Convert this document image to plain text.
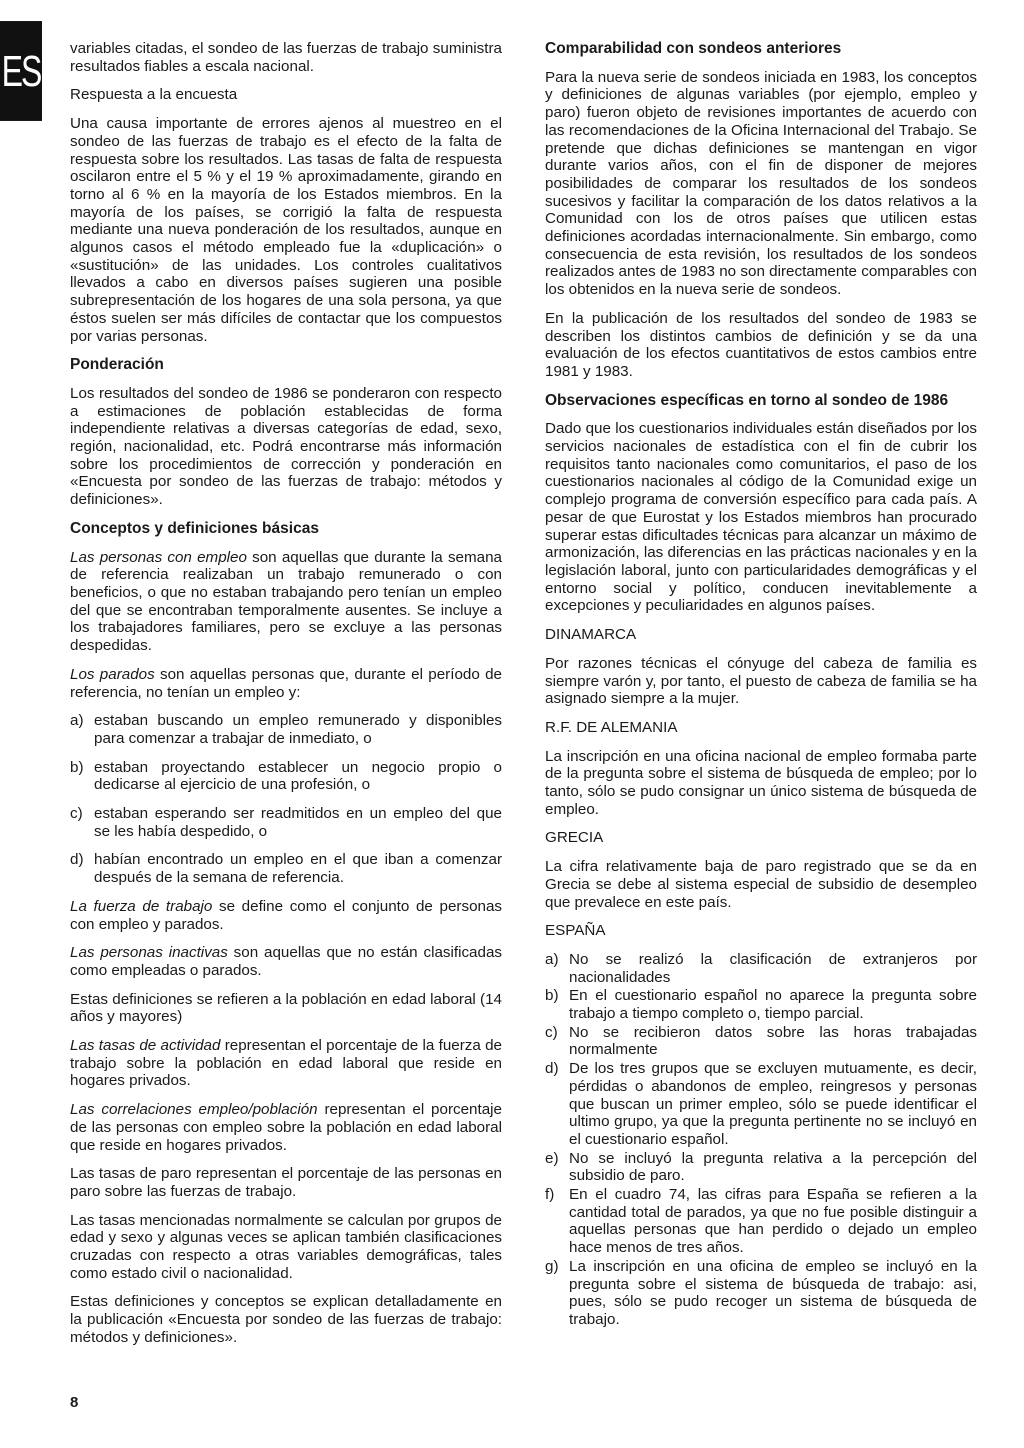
ES variables citadas, el sondeo de las fuerzas de trabajo suministra resultados fiables a escala nacional.

Respuesta a la encuesta

Una causa importante de errores ajenos al muestreo en el sondeo de las fuerzas de trabajo es el efecto de la falta de respuesta sobre los resultados. Las tasas de falta de respuesta oscilaron entre el 5 % y el 19 % aproximadamente, girando en torno al 6 % en la mayoría de los Estados miembros. En la mayoría de los países, se corrigió la falta de respuesta mediante una nueva ponderación de los resultados, aunque en algunos casos el método empleado fue la «duplicación» o «sustitución» de las unidades. Los controles cualitativos llevados a cabo en diversos países sugieren una posible subrepresentación de los hogares de una sola persona, ya que éstos suelen ser más difíciles de contactar que los compuestos por varias personas.

Ponderación

Los resultados del sondeo de 1986 se ponderaron con respecto a estimaciones de población establecidas de forma independiente relativas a diversas categorías de edad, sexo, región, nacionalidad, etc. Podrá encontrarse más información sobre los procedimientos de corrección y ponderación en «Encuesta por sondeo de las fuerzas de trabajo: métodos y definiciones».

Conceptos y definiciones básicas

Las personas con empleo son aquellas que durante la semana de referencia realizaban un trabajo remunerado o con beneficios, o que no estaban trabajando pero tenían un empleo del que se encontraban temporalmente ausentes. Se incluye a los trabajadores familiares, pero se excluye a las personas despedidas.

Los parados son aquellas personas que, durante el período de referencia, no tenían un empleo y:

a) estaban buscando un empleo remunerado y disponibles para comenzar a trabajar de inmediato, o
b) estaban proyectando establecer un negocio propio o dedicarse al ejercicio de una profesión, o
c) estaban esperando ser readmitidos en un empleo del que se les había despedido, o
d) habían encontrado un empleo en el que iban a comenzar después de la semana de referencia.

La fuerza de trabajo se define como el conjunto de personas con empleo y parados.

Las personas inactivas son aquellas que no están clasificadas como empleadas o parados.

Estas definiciones se refieren a la población en edad laboral (14 años y mayores)

Las tasas de actividad representan el porcentaje de la fuerza de trabajo sobre la población en edad laboral que reside en hogares privados.

Las correlaciones empleo/población representan el porcentaje de las personas con empleo sobre la población en edad laboral que reside en hogares privados.

Las tasas de paro representan el porcentaje de las personas en paro sobre las fuerzas de trabajo.

Las tasas mencionadas normalmente se calculan por grupos de edad y sexo y algunas veces se aplican también clasificaciones cruzadas con respecto a otras variables demográficas, tales como estado civil o nacionalidad.

Estas definiciones y conceptos se explican detalladamente en la publicación «Encuesta por sondeo de las fuerzas de trabajo: métodos y definiciones».

Comparabilidad con sondeos anteriores

Para la nueva serie de sondeos iniciada en 1983, los conceptos y definiciones de algunas variables (por ejemplo, empleo y paro) fueron objeto de revisiones importantes de acuerdo con las recomendaciones de la Oficina Internacional del Trabajo. Se pretende que dichas definiciones se mantengan en vigor durante varios años, con el fin de disponer de mejores posibilidades de comparar los resultados de los sondeos sucesivos y facilitar la comparación de los datos relativos a la Comunidad con los de otros países que utilicen estas definiciones acordadas internacionalmente. Sin embargo, como consecuencia de esta revisión, los resultados de los sondeos realizados antes de 1983 no son directamente comparables con los obtenidos en la nueva serie de sondeos.

En la publicación de los resultados del sondeo de 1983 se describen los distintos cambios de definición y se da una evaluación de los efectos cuantitativos de estos cambios entre 1981 y 1983.

Observaciones específicas en torno al sondeo de 1986

Dado que los cuestionarios individuales están diseñados por los servicios nacionales de estadística con el fin de cubrir los requisitos tanto nacionales como comunitarios, el paso de los cuestionarios nacionales al código de la Comunidad exige un complejo programa de conversión específico para cada país. A pesar de que Eurostat y los Estados miembros han procurado superar estas dificultades técnicas para alcanzar un máximo de armonización, las diferencias en las prácticas nacionales y en la legislación laboral, junto con particularidades demográficas y el entorno social y político, conducen inevitablemente a excepciones y peculiaridades en algunos países.

DINAMARCA

Por razones técnicas el cónyuge del cabeza de familia es siempre varón y, por tanto, el puesto de cabeza de familia se ha asignado siempre a la mujer.

R.F. DE ALEMANIA

La inscripción en una oficina nacional de empleo formaba parte de la pregunta sobre el sistema de búsqueda de empleo; por lo tanto, sólo se pudo consignar un único sistema de búsqueda de empleo.

GRECIA

La cifra relativamente baja de paro registrado que se da en Grecia se debe al sistema especial de subsidio de desempleo que prevalece en este país.

ESPAÑA
a) No se realizó la clasificación de extranjeros por nacionalidades
b) En el cuestionario español no aparece la pregunta sobre trabajo a tiempo completo o, tiempo parcial.
c) No se recibieron datos sobre las horas trabajadas normalmente
d) De los tres grupos que se excluyen mutuamente, es decir, pérdidas o abandonos de empleo, reingresos y personas que buscan un primer empleo, sólo se puede identificar el ultimo grupo, ya que la pregunta pertinente no se incluyó en el cuestionario español.
e) No se incluyó la pregunta relativa a la percepción del subsidio de paro.
f) En el cuadro 74, las cifras para España se refieren a la cantidad total de parados, ya que no fue posible distinguir a aquellas personas que han perdido o dejado un empleo hace menos de tres años.
g) La inscripción en una oficina de empleo se incluyó en la pregunta sobre el sistema de búsqueda de trabajo: asi, pues, sólo se pudo recoger un sistema de búsqueda de trabajo.
8
